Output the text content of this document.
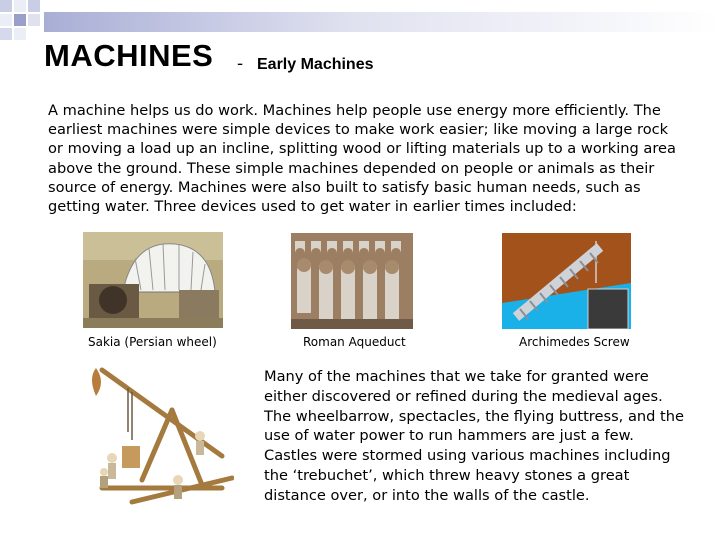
MACHINES - Early Machines
A machine helps us do work. Machines help people use energy more efficiently. The earliest machines were simple devices to make work easier; like moving a large rock or moving a load up an incline, splitting wood or lifting materials up to a working area above the ground. These simple machines depended on people or animals as their source of energy. Machines were also built to satisfy basic human needs, such as getting water. Three devices used to get water in earlier times included:
Sakia (Persian wheel)	Roman Aqueduct	Archimedes Screw
Many of the machines that we take for granted were either discovered or refined during the medieval ages. The wheelbarrow, spectacles, the flying buttress, and the use of water power to run hammers are just a few. Castles were stormed using various machines including the ‘trebuchet’, which threw heavy stones a great distance over, or into the walls of the castle.
